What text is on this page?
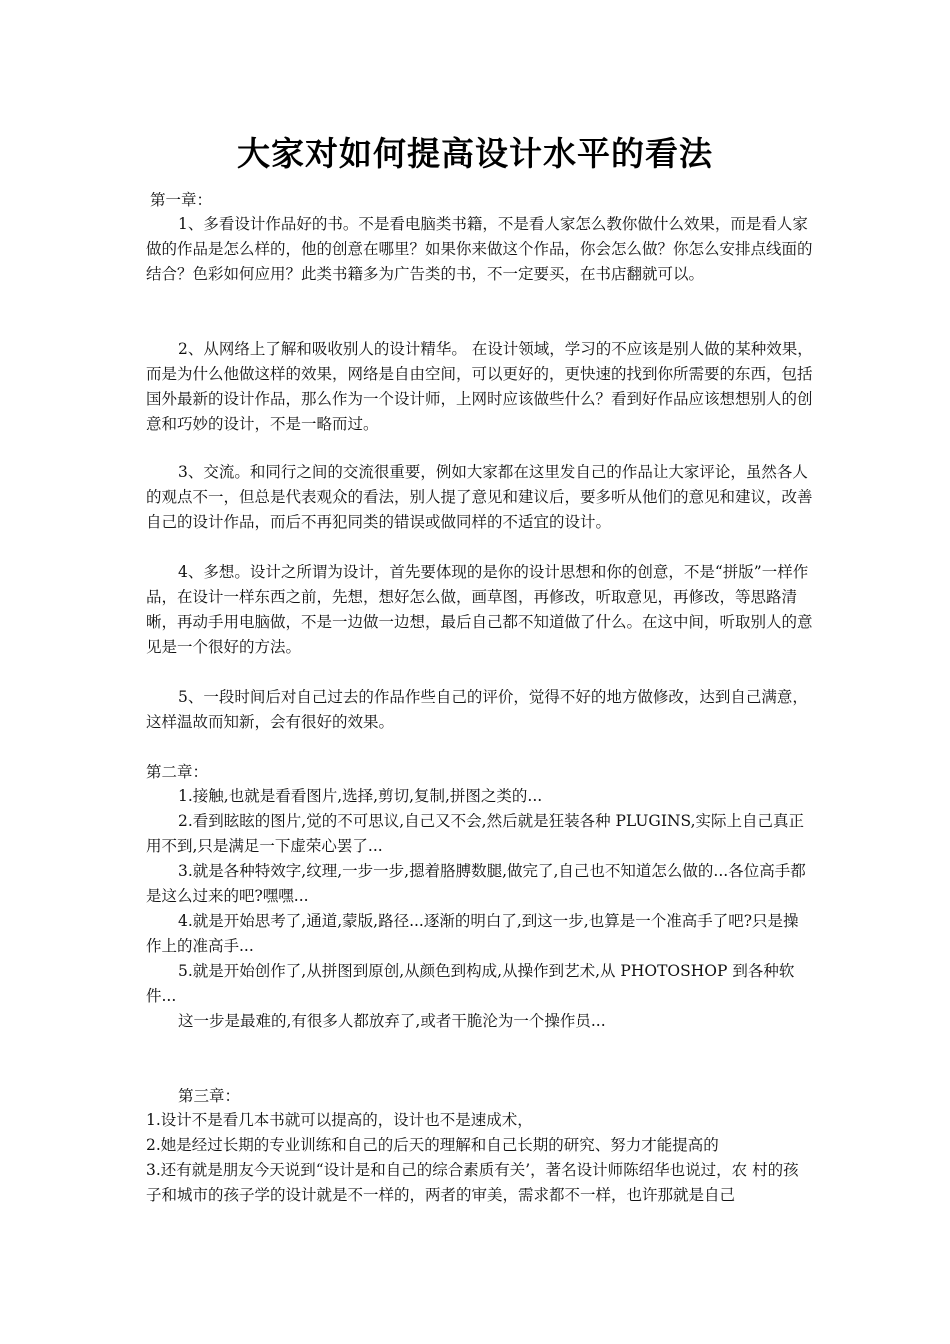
大家对如何提高设计水平的看法
第一章：
1、多看设计作品好的书。不是看电脑类书籍，不是看人家怎么教你做什么效果，而是看人家做的作品是怎么样的，他的创意在哪里？如果你来做这个作品，你会怎么做？你怎么安排点线面的结合？色彩如何应用？此类书籍多为广告类的书，不一定要买，在书店翻就可以。
2、从网络上了解和吸收别人的设计精华。 在设计领域，学习的不应该是别人做的某种效果，而是为什么他做这样的效果，网络是自由空间，可以更好的，更快速的找到你所需要的东西，包括国外最新的设计作品，那么作为一个设计师，上网时应该做些什么？看到好作品应该想想别人的创意和巧妙的设计，不是一略而过。
3、交流。和同行之间的交流很重要，例如大家都在这里发自己的作品让大家评论，虽然各人的观点不一，但总是代表观众的看法，别人提了意见和建议后，要多听从他们的意见和建议，改善自己的设计作品，而后不再犯同类的错误或做同样的不适宜的设计。
4、多想。设计之所谓为设计，首先要体现的是你的设计思想和你的创意，不是“拼版”一样作品，在设计一样东西之前，先想，想好怎么做，画草图，再修改，听取意见，再修改，等思路清晰，再动手用电脑做，不是一边做一边想，最后自己都不知道做了什么。在这中间，听取别人的意见是一个很好的方法。
5、一段时间后对自己过去的作品作些自己的评价，觉得不好的地方做修改，达到自己满意，这样温故而知新，会有很好的效果。
第二章：
1.接触,也就是看看图片,选择,剪切,复制,拼图之类的...
2.看到眩眩的图片,觉的不可思议,自己又不会,然后就是狂装各种 PLUGINS,实际上自己真正用不到,只是满足一下虚荣心罢了...
3.就是各种特效字,纹理,一步一步,摁着胳膊数腿,做完了,自己也不知道怎么做的...各位高手都是这么过来的吧?嘿嘿...
4.就是开始思考了,通道,蒙版,路径...逐渐的明白了,到这一步,也算是一个准高手了吧?只是操作上的准高手...
5.就是开始创作了,从拼图到原创,从颜色到构成,从操作到艺术,从 PHOTOSHOP 到各种软件...
这一步是最难的,有很多人都放弃了,或者干脆沦为一个操作员...
第三章：
1.设计不是看几本书就可以提高的，设计也不是速成术，
2.她是经过长期的专业训练和自己的后天的理解和自己长期的研究、努力才能提高的
3.还有就是朋友今天说到“设计是和自己的综合素质有关’，著名设计师陈绍华也说过，农 村的孩子和城市的孩子学的设计就是不一样的，两者的审美，需求都不一样，也许那就是自己
